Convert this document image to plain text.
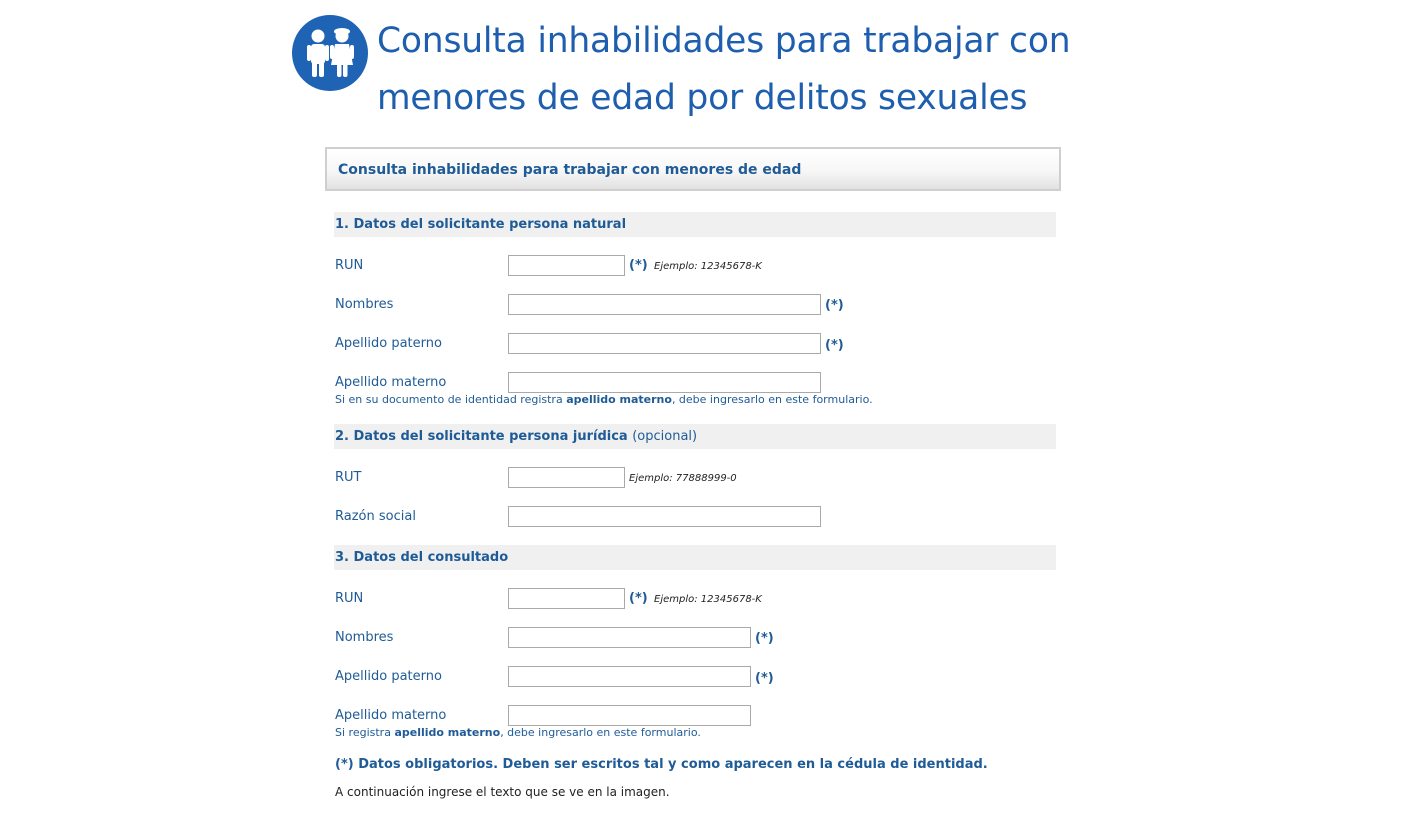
Consulta inhabilidades para trabajar con
menores de edad por delitos sexuales
Consulta inhabilidades para trabajar con menores de edad
1. Datos del solicitante persona natural
RUN	(*) Ejemplo: 12345678-K
Nombres	(*)
Apellido paterno	(*)
Apellido materno
Si en su documento de identidad registra apellido materno, debe ingresarlo en este formulario.
2. Datos del solicitante persona jurídica (opcional)
RUT	Ejemplo: 77888999-0
Razón social
3. Datos del consultado
RUN	(*) Ejemplo: 12345678-K
Nombres	(*)
Apellido paterno	(*)
Apellido materno
Si registra apellido materno, debe ingresarlo en este formulario.
(*) Datos obligatorios. Deben ser escritos tal y como aparecen en la cédula de identidad.
A continuación ingrese el texto que se ve en la imagen.
